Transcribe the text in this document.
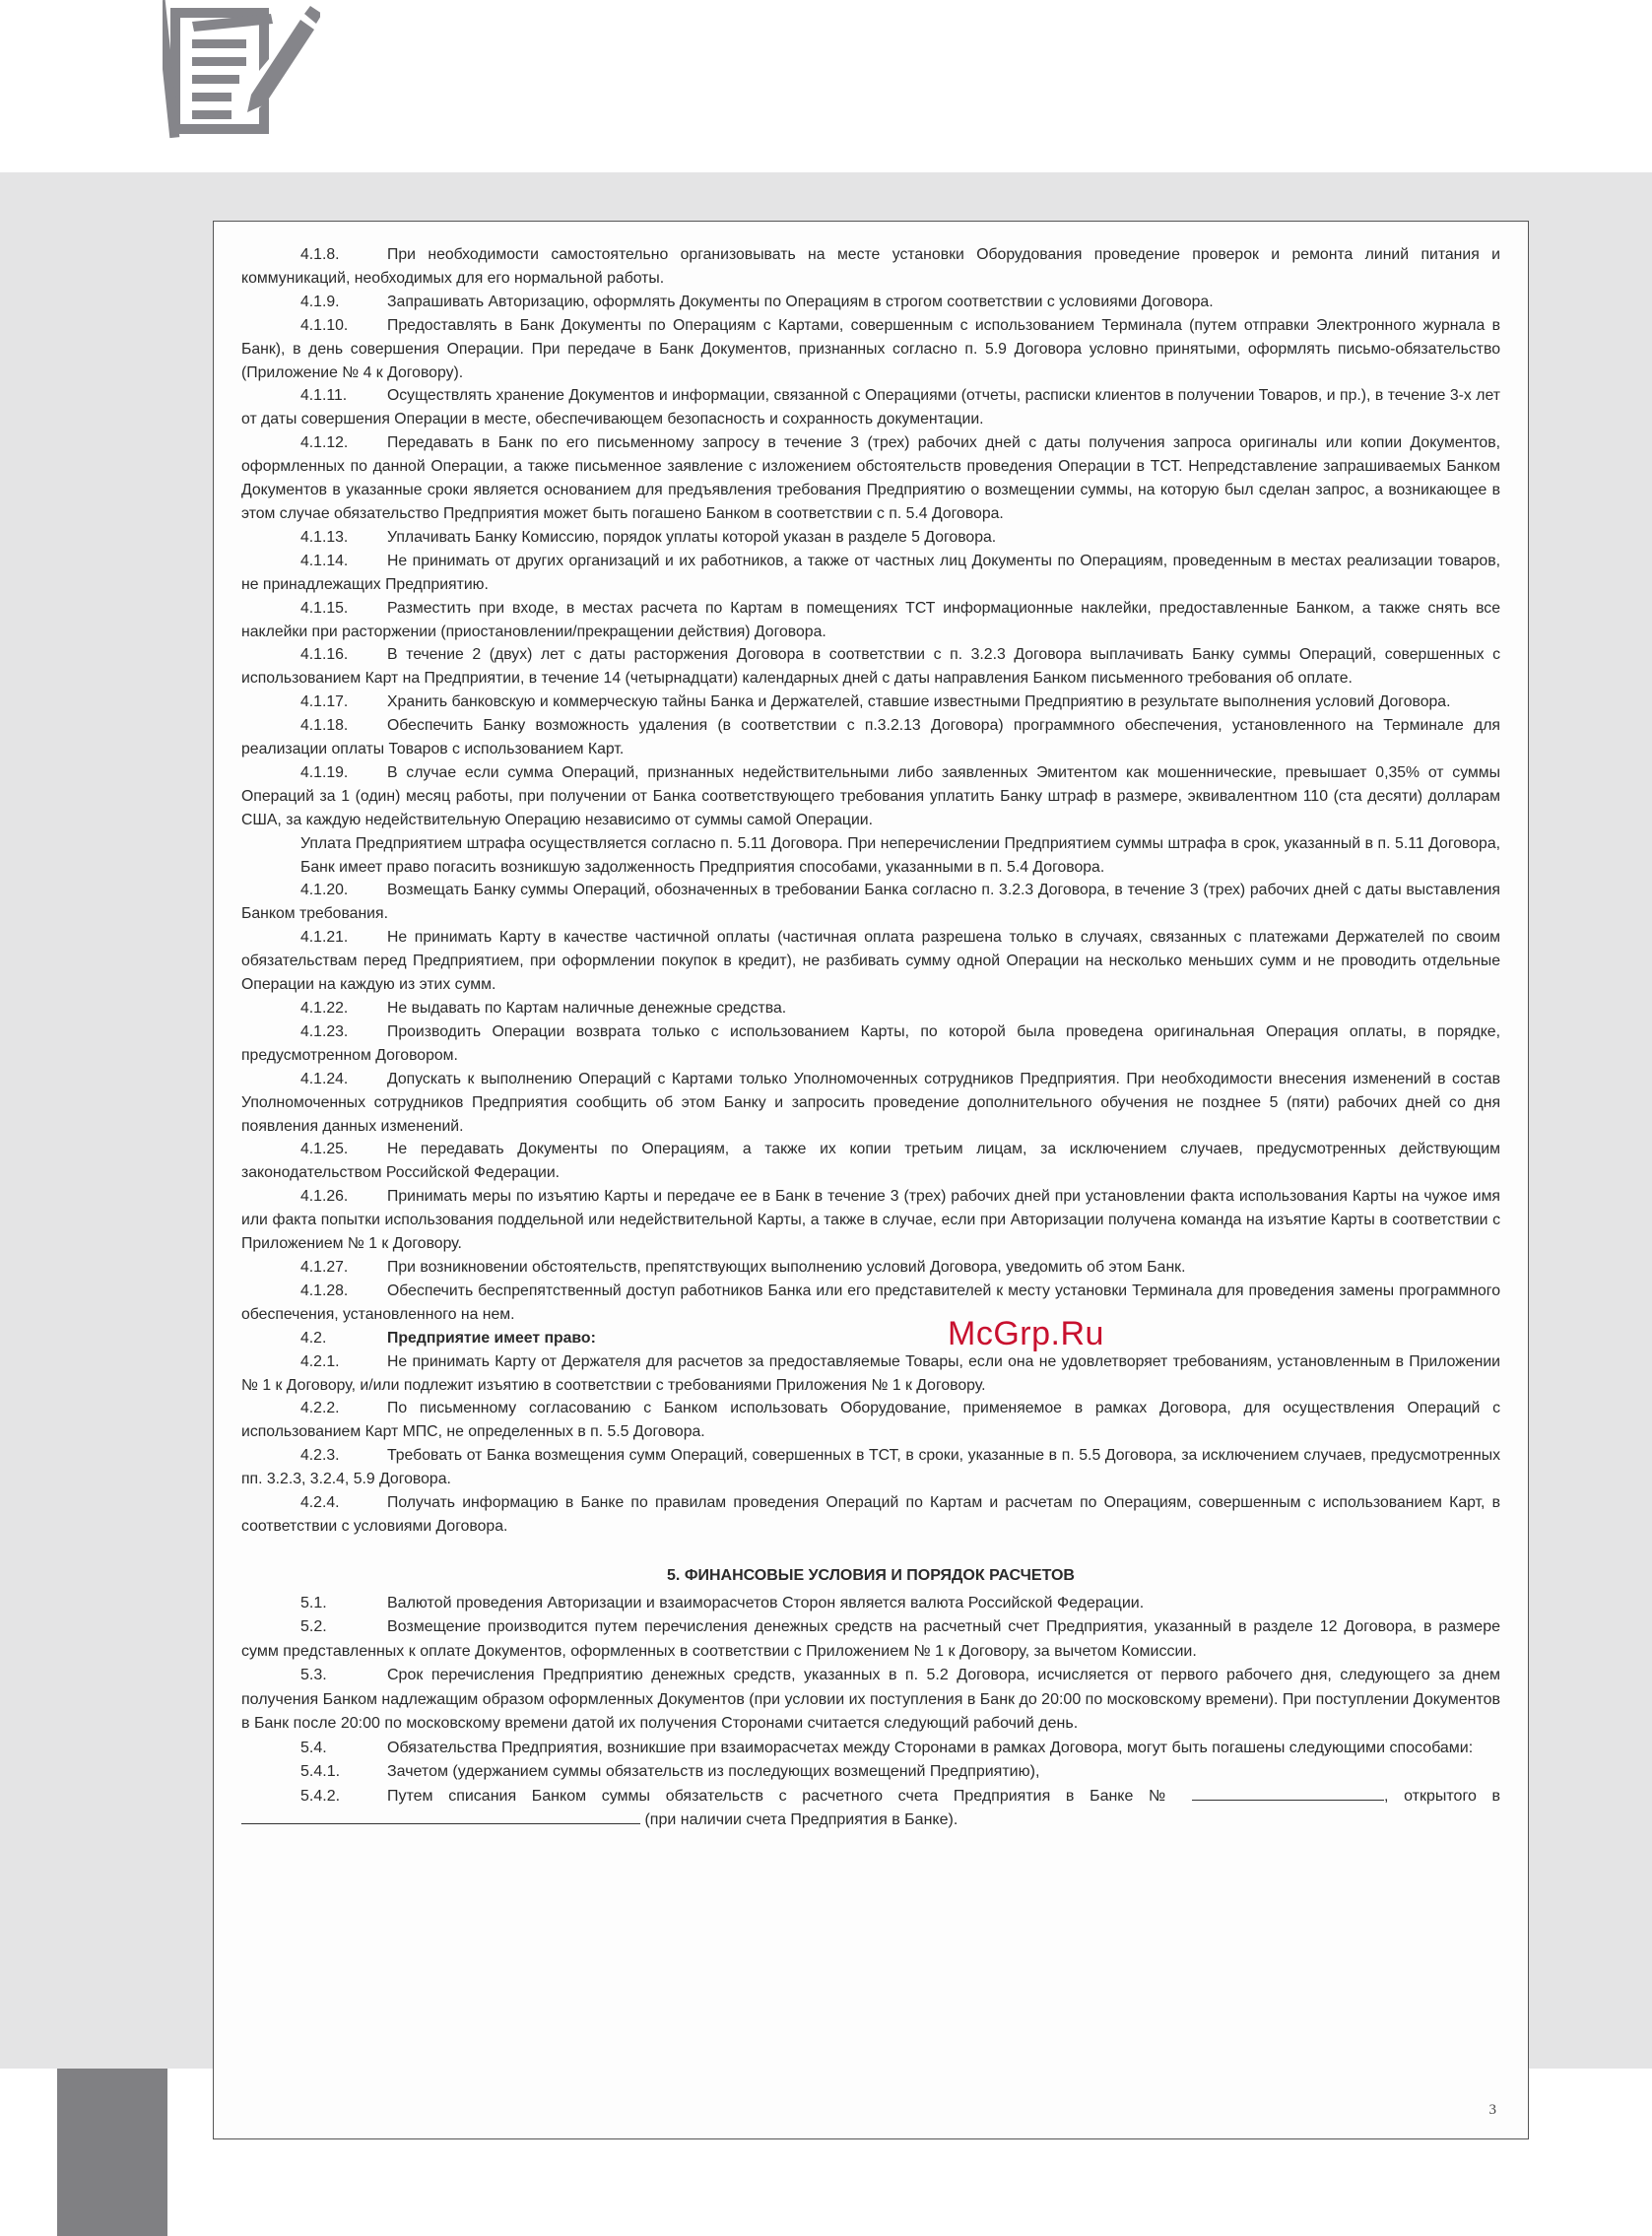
4.1.8.	При необходимости самостоятельно организовывать на месте установки Оборудования проведение проверок и ремонта линий питания и коммуникаций, необходимых для его нормальной работы.

4.1.9.	Запрашивать Авторизацию, оформлять Документы по Операциям в строгом соответствии с условиями Договора.

4.1.10.	Предоставлять в Банк Документы по Операциям с Картами, совершенным с использованием Терминала (путем отправки Электронного журнала в Банк), в день совершения Операции. При передаче в Банк Документов, признанных согласно п. 5.9 Договора условно принятыми, оформлять письмо-обязательство (Приложение № 4 к Договору).

4.1.11.	Осуществлять хранение Документов и информации, связанной с Операциями (отчеты, расписки клиентов в получении Товаров, и пр.), в течение 3-х лет от даты совершения Операции в месте, обеспечивающем безопасность и сохранность документации.

4.1.12.	Передавать в Банк по его письменному запросу в течение 3 (трех) рабочих дней с даты получения запроса оригиналы или копии Документов, оформленных по данной Операции, а также письменное заявление с изложением обстоятельств проведения Операции в ТСТ. Непредставление запрашиваемых Банком Документов в указанные сроки является основанием для предъявления требования Предприятию о возмещении суммы, на которую был сделан запрос, а возникающее в этом случае обязательство Предприятия может быть погашено Банком в соответствии с п. 5.4 Договора.

4.1.13.	Уплачивать Банку Комиссию, порядок уплаты которой указан в разделе 5 Договора.

4.1.14.	Не принимать от других организаций и их работников, а также от частных лиц Документы по Операциям, проведенным в местах реализации товаров, не принадлежащих Предприятию.

4.1.15.	Разместить при входе, в местах расчета по Картам в помещениях ТСТ информационные наклейки, предоставленные Банком, а также снять все наклейки при расторжении (приостановлении/прекращении действия) Договора.

4.1.16.	В течение 2 (двух) лет с даты расторжения Договора в соответствии с п. 3.2.3 Договора выплачивать Банку суммы Операций, совершенных с использованием Карт на Предприятии, в течение 14 (четырнадцати) календарных дней с даты направления Банком письменного требования об оплате.

4.1.17.	Хранить банковскую и коммерческую тайны Банка и Держателей, ставшие известными Предприятию в результате выполнения условий Договора.

4.1.18.	Обеспечить Банку возможность удаления (в соответствии с п.3.2.13 Договора) программного обеспечения, установленного на Терминале для реализации оплаты Товаров с использованием Карт.

4.1.19.	В случае если сумма Операций, признанных недействительными либо заявленных Эмитентом как мошеннические, превышает 0,35% от суммы Операций за 1 (один) месяц работы, при получении от Банка соответствующего требования уплатить Банку штраф в размере, эквивалентном 110 (ста десяти) долларам США, за каждую недействительную Операцию независимо от суммы самой Операции.

Уплата Предприятием штрафа осуществляется согласно п. 5.11 Договора. При неперечислении Предприятием суммы штрафа в срок, указанный в п. 5.11 Договора, Банк имеет право погасить возникшую задолженность Предприятия способами, указанными в п. 5.4 Договора.

4.1.20.	Возмещать Банку суммы Операций, обозначенных в требовании Банка согласно п. 3.2.3 Договора, в течение 3 (трех) рабочих дней с даты выставления Банком требования.

4.1.21.	Не принимать Карту в качестве частичной оплаты (частичная оплата разрешена только в случаях, связанных с платежами Держателей по своим обязательствам перед Предприятием, при оформлении покупок в кредит), не разбивать сумму одной Операции на несколько меньших сумм и не проводить отдельные Операции на каждую из этих сумм.

4.1.22.	Не выдавать по Картам наличные денежные средства.

4.1.23.	Производить Операции возврата только с использованием Карты, по которой была проведена оригинальная Операция оплаты, в порядке, предусмотренном Договором.

4.1.24.	Допускать к выполнению Операций с Картами только Уполномоченных сотрудников Предприятия. При необходимости внесения изменений в состав Уполномоченных сотрудников Предприятия сообщить об этом Банку и запросить проведение дополнительного обучения не позднее 5 (пяти) рабочих дней со дня появления данных изменений.

4.1.25.	Не передавать Документы по Операциям, а также их копии третьим лицам, за исключением случаев, предусмотренных действующим законодательством Российской Федерации.

4.1.26.	Принимать меры по изъятию Карты и передаче ее в Банк в течение 3 (трех) рабочих дней при установлении факта использования Карты на чужое имя или факта попытки использования поддельной или недействительной Карты, а также в случае, если при Авторизации получена команда на изъятие Карты в соответствии с Приложением № 1 к Договору.

4.1.27.	При возникновении обстоятельств, препятствующих выполнению условий Договора, уведомить об этом Банк.

4.1.28.	Обеспечить беспрепятственный доступ работников Банка или его представителей к месту установки Терминала для проведения замены программного обеспечения, установленного на нем.

4.2.	Предприятие имеет право:

4.2.1.	Не принимать Карту от Держателя для расчетов за предоставляемые Товары, если она не удовлетворяет требованиям, установленным в Приложении № 1 к Договору, и/или подлежит изъятию в соответствии с требованиями Приложения № 1 к Договору.

4.2.2.	По письменному согласованию с Банком использовать Оборудование, применяемое в рамках Договора, для осуществления Операций с использованием Карт МПС, не определенных в п. 5.5 Договора.

4.2.3.	Требовать от Банка возмещения сумм Операций, совершенных в ТСТ, в сроки, указанные в п. 5.5 Договора, за исключением случаев, предусмотренных пп. 3.2.3, 3.2.4, 5.9 Договора.

4.2.4.	Получать информацию в Банке по правилам проведения Операций по Картам и расчетам по Операциям, совершенным с использованием Карт, в соответствии с условиями Договора.

5. ФИНАНСОВЫЕ УСЛОВИЯ И ПОРЯДОК РАСЧЕТОВ

5.1.	Валютой проведения Авторизации и взаиморасчетов Сторон является валюта Российской Федерации.

5.2.	Возмещение производится путем перечисления денежных средств на расчетный счет Предприятия, указанный в разделе 12 Договора, в размере сумм представленных к оплате Документов, оформленных в соответствии с Приложением № 1 к Договору, за вычетом Комиссии.

5.3.	Срок перечисления Предприятию денежных средств, указанных в п. 5.2 Договора, исчисляется от первого рабочего дня, следующего за днем получения Банком надлежащим образом оформленных Документов (при условии их поступления в Банк до 20:00 по московскому времени). При поступлении Документов в Банк после 20:00 по московскому времени датой их получения Сторонами считается следующий рабочий день.

5.4.	Обязательства Предприятия, возникшие при взаиморасчетах между Сторонами в рамках Договора, могут быть погашены следующими способами:

5.4.1.	Зачетом (удержанием суммы обязательств из последующих возмещений Предприятию),

5.4.2.	Путем списания Банком суммы обязательств с расчетного счета Предприятия в Банке №	, открытого в  (при наличии счета Предприятия в Банке).

McGrp.Ru
3
